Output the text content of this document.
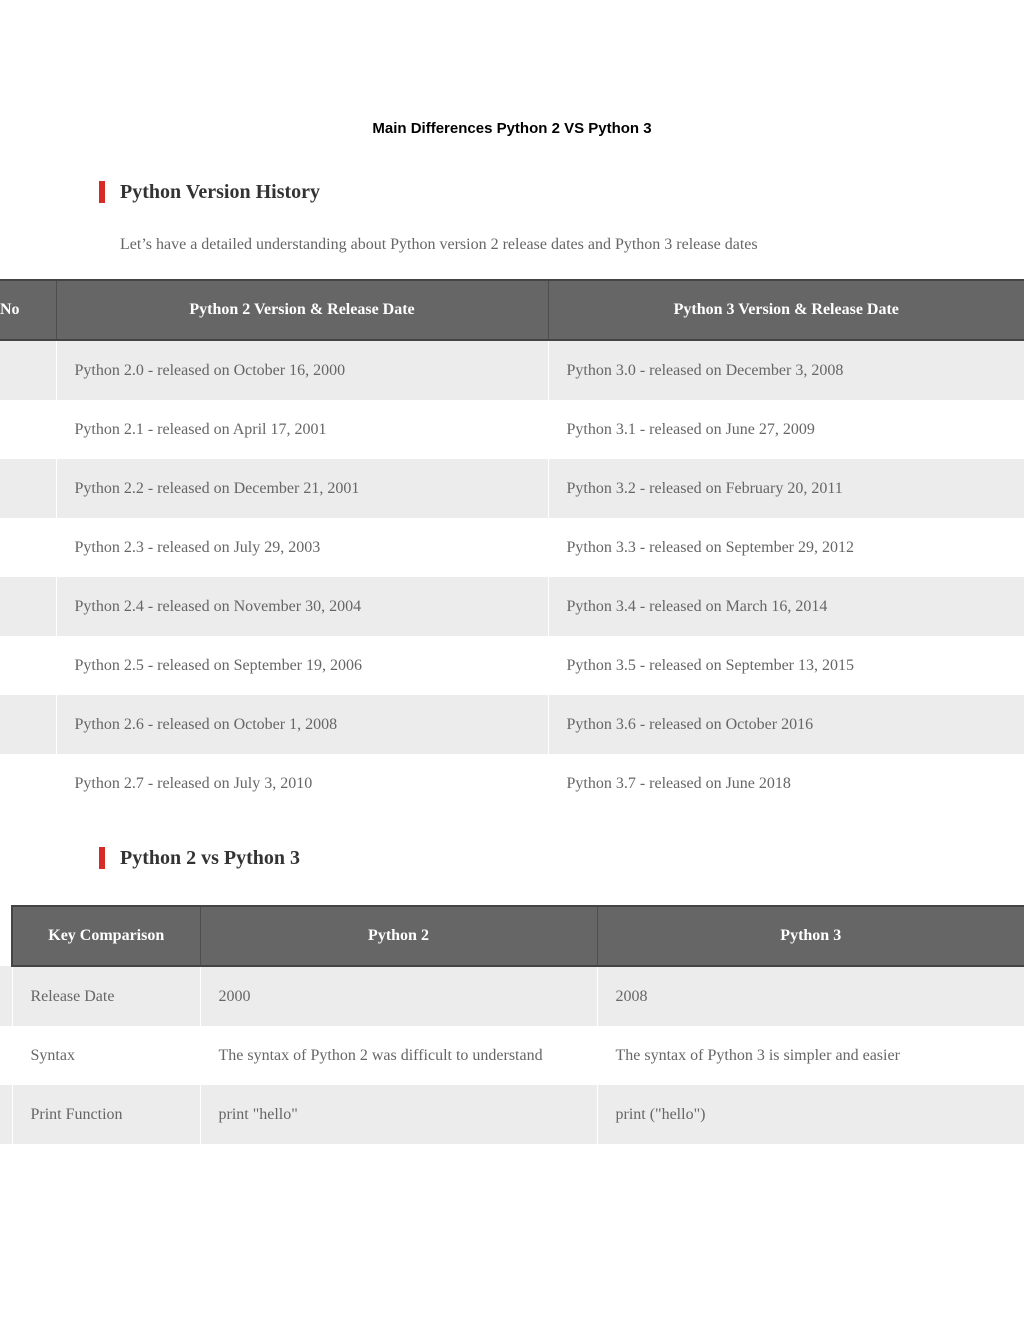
Main Differences Python 2 VS Python 3
Python Version History
Let’s have a detailed understanding about Python version 2 release dates and Python 3 release dates
No	Python 2 Version & Release Date	Python 3 Version & Release Date
	Python 2.0 - released on October 16, 2000	Python 3.0 - released on December 3, 2008
	Python 2.1 - released on April 17, 2001	Python 3.1 - released on June 27, 2009
	Python 2.2 - released on December 21, 2001	Python 3.2 - released on February 20, 2011
	Python 2.3 - released on July 29, 2003	Python 3.3 - released on September 29, 2012
	Python 2.4 - released on November 30, 2004	Python 3.4 - released on March 16, 2014
	Python 2.5 - released on September 19, 2006	Python 3.5 - released on September 13, 2015
	Python 2.6 - released on October 1, 2008	Python 3.6 - released on October 2016
	Python 2.7 - released on July 3, 2010	Python 3.7 - released on June 2018
Python 2 vs Python 3
	Key Comparison	Python 2	Python 3
	Release Date	2000	2008
	Syntax	The syntax of Python 2 was difficult to understand	The syntax of Python 3 is simpler and easier
	Print Function	print "hello"	print ("hello")
